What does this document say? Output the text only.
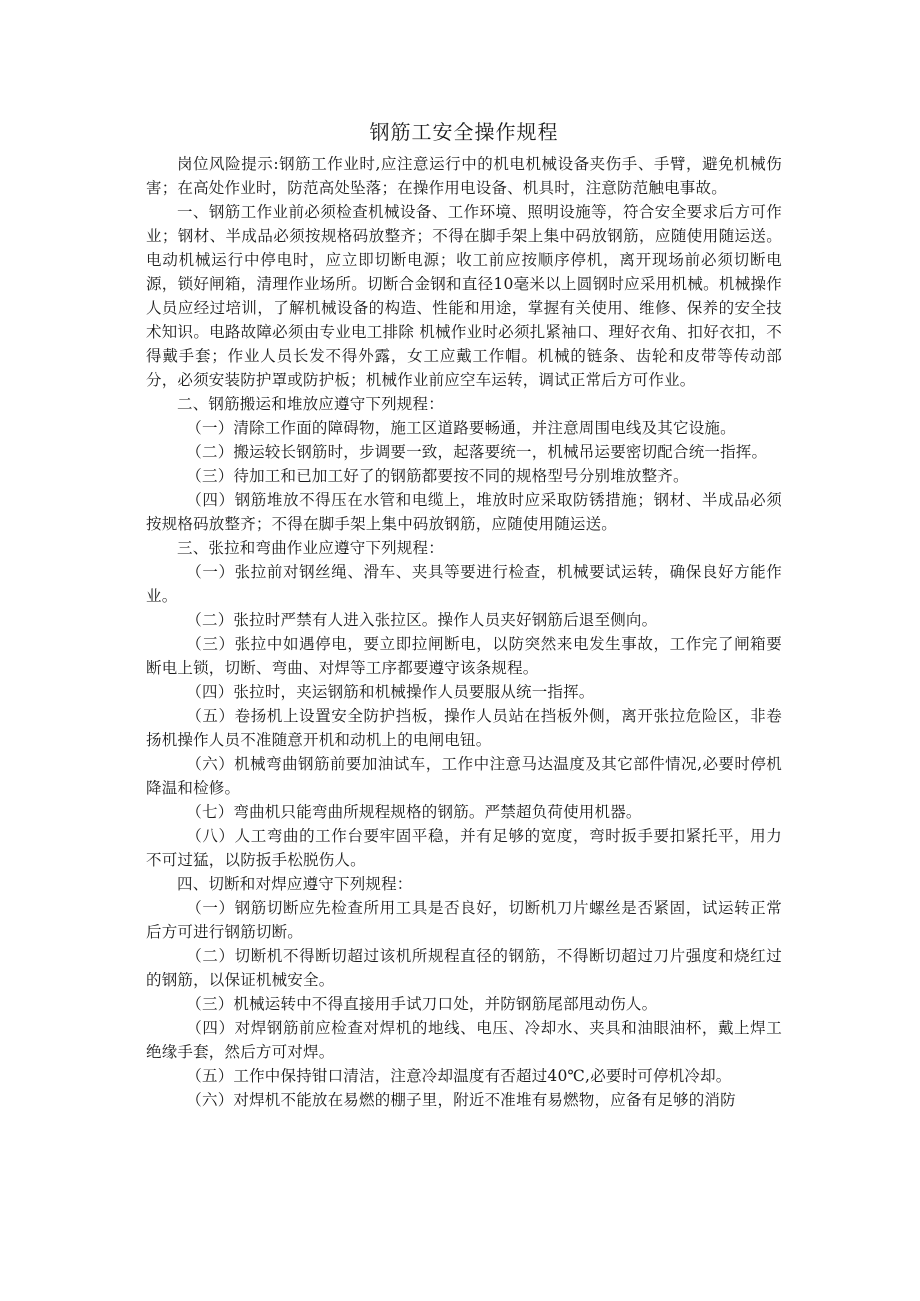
钢筋工安全操作规程

岗位风险提示:钢筋工作业时,应注意运行中的机电机械设备夹伤手、手臂，避免机械伤害；在高处作业时，防范高处坠落；在操作用电设备、机具时，注意防范触电事故。

一、钢筋工作业前必须检查机械设备、工作环境、照明设施等，符合安全要求后方可作业；钢材、半成品必须按规格码放整齐；不得在脚手架上集中码放钢筋，应随使用随运送。电动机械运行中停电时，应立即切断电源；收工前应按顺序停机，离开现场前必须切断电源，锁好闸箱，清理作业场所。切断合金钢和直径10毫米以上圆钢时应采用机械。机械操作人员应经过培训，了解机械设备的构造、性能和用途，掌握有关使用、维修、保养的安全技术知识。电路故障必须由专业电工排除 机械作业时必须扎紧袖口、理好衣角、扣好衣扣，不得戴手套；作业人员长发不得外露，女工应戴工作帽。机械的链条、齿轮和皮带等传动部分，必须安装防护罩或防护板；机械作业前应空车运转，调试正常后方可作业。

二、钢筋搬运和堆放应遵守下列规程：

（一）清除工作面的障碍物，施工区道路要畅通，并注意周围电线及其它设施。

（二）搬运较长钢筋时，步调要一致，起落要统一，机械吊运要密切配合统一指挥。

（三）待加工和已加工好了的钢筋都要按不同的规格型号分别堆放整齐。

（四）钢筋堆放不得压在水管和电缆上，堆放时应采取防锈措施；钢材、半成品必须按规格码放整齐；不得在脚手架上集中码放钢筋，应随使用随运送。

三、张拉和弯曲作业应遵守下列规程：

（一）张拉前对钢丝绳、滑车、夹具等要进行检查，机械要试运转，确保良好方能作业。

（二）张拉时严禁有人进入张拉区。操作人员夹好钢筋后退至侧向。

（三）张拉中如遇停电，要立即拉闸断电，以防突然来电发生事故，工作完了闸箱要断电上锁，切断、弯曲、对焊等工序都要遵守该条规程。

（四）张拉时，夹运钢筋和机械操作人员要服从统一指挥。

（五）卷扬机上设置安全防护挡板，操作人员站在挡板外侧，离开张拉危险区，非卷扬机操作人员不准随意开机和动机上的电闸电钮。

（六）机械弯曲钢筋前要加油试车，工作中注意马达温度及其它部件情况,必要时停机降温和检修。

（七）弯曲机只能弯曲所规程规格的钢筋。严禁超负荷使用机器。

（八）人工弯曲的工作台要牢固平稳，并有足够的宽度，弯时扳手要扣紧托平，用力不可过猛，以防扳手松脱伤人。

四、切断和对焊应遵守下列规程：

（一）钢筋切断应先检查所用工具是否良好，切断机刀片螺丝是否紧固，试运转正常后方可进行钢筋切断。

（二）切断机不得断切超过该机所规程直径的钢筋，不得断切超过刀片强度和烧红过的钢筋，以保证机械安全。

（三）机械运转中不得直接用手试刀口处，并防钢筋尾部甩动伤人。

（四）对焊钢筋前应检查对焊机的地线、电压、冷却水、夹具和油眼油杯，戴上焊工绝缘手套，然后方可对焊。

（五）工作中保持钳口清洁，注意冷却温度有否超过40℃,必要时可停机冷却。

（六）对焊机不能放在易燃的棚子里，附近不准堆有易燃物，应备有足够的消防
